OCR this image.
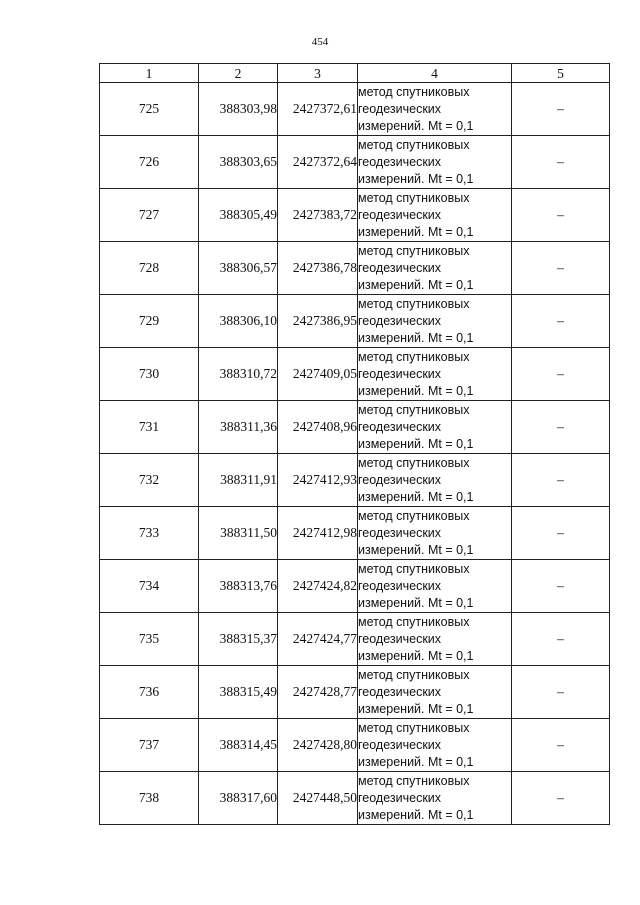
454
1	2	3	4	5
725	388303,98	2427372,61	метод спутниковых
геодезических
измерений. Mt = 0,1	–
726	388303,65	2427372,64	метод спутниковых
геодезических
измерений. Mt = 0,1	–
727	388305,49	2427383,72	метод спутниковых
геодезических
измерений. Mt = 0,1	–
728	388306,57	2427386,78	метод спутниковых
геодезических
измерений. Mt = 0,1	–
729	388306,10	2427386,95	метод спутниковых
геодезических
измерений. Mt = 0,1	–
730	388310,72	2427409,05	метод спутниковых
геодезических
измерений. Mt = 0,1	–
731	388311,36	2427408,96	метод спутниковых
геодезических
измерений. Mt = 0,1	–
732	388311,91	2427412,93	метод спутниковых
геодезических
измерений. Mt = 0,1	–
733	388311,50	2427412,98	метод спутниковых
геодезических
измерений. Mt = 0,1	–
734	388313,76	2427424,82	метод спутниковых
геодезических
измерений. Mt = 0,1	–
735	388315,37	2427424,77	метод спутниковых
геодезических
измерений. Mt = 0,1	–
736	388315,49	2427428,77	метод спутниковых
геодезических
измерений. Mt = 0,1	–
737	388314,45	2427428,80	метод спутниковых
геодезических
измерений. Mt = 0,1	–
738	388317,60	2427448,50	метод спутниковых
геодезических
измерений. Mt = 0,1	–
